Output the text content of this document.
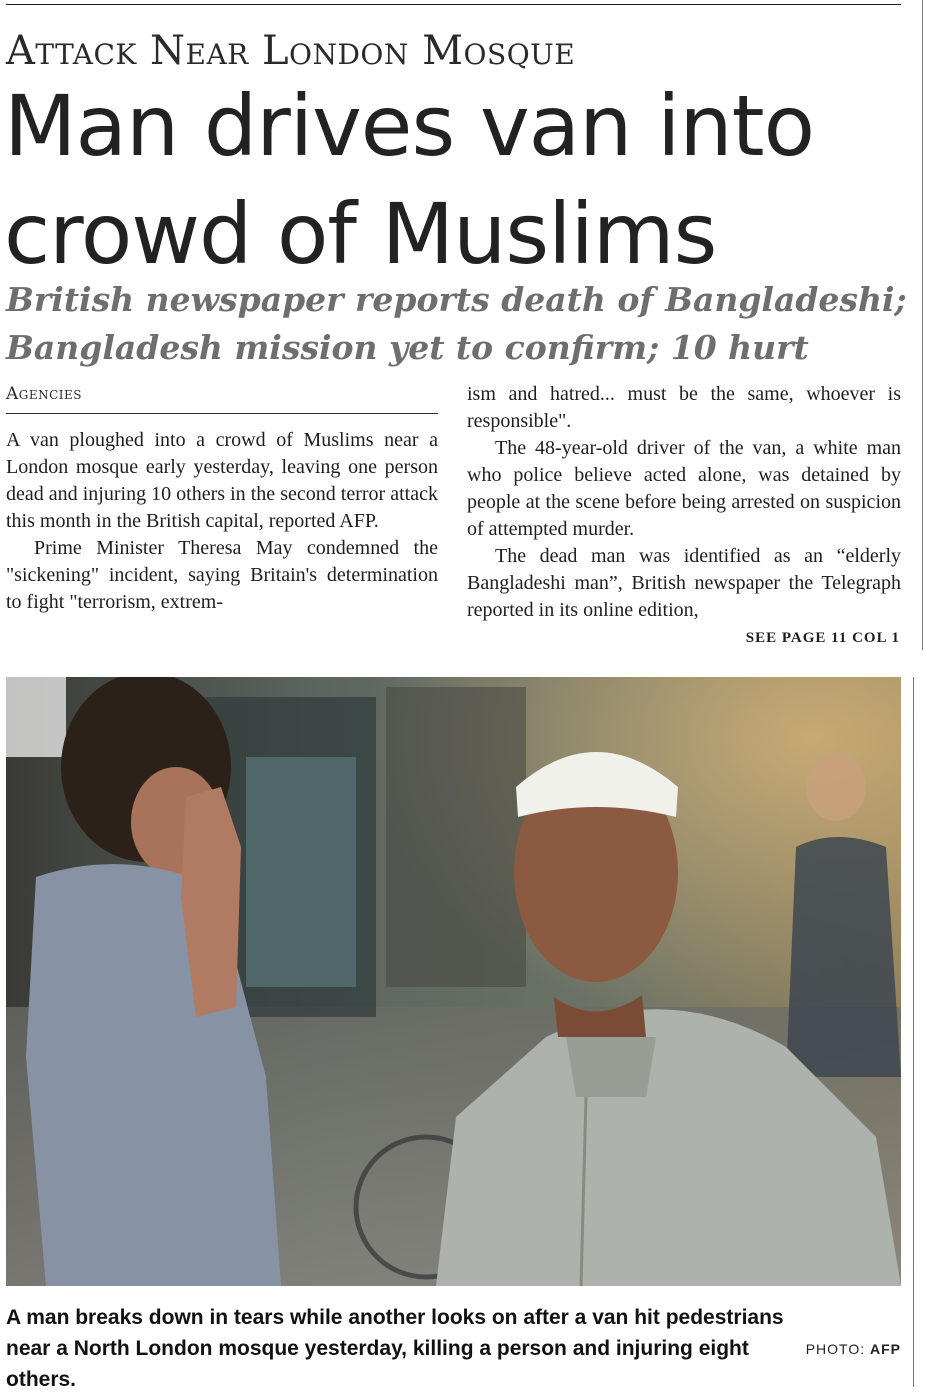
Attack Near London Mosque
Man drives van into crowd of Muslims
British newspaper reports death of Bangladeshi; Bangladesh mission yet to confirm; 10 hurt
Agencies

A van ploughed into a crowd of Muslims near a London mosque early yesterday, leaving one person dead and injuring 10 others in the second terror attack this month in the British capital, reported AFP.

Prime Minister Theresa May condemned the "sickening" incident, saying Britain's determination to fight "terrorism, extrem-

ism and hatred... must be the same, whoever is responsible".

The 48-year-old driver of the van, a white man who police believe acted alone, was detained by people at the scene before being arrested on suspicion of attempted murder.

The dead man was identified as an “elderly Bangladeshi man”, British newspaper the Telegraph reported in its online edition,

SEE PAGE 11 COL 1
A man breaks down in tears while another looks on after a van hit pedestrians near a North London mosque yesterday, killing a person and injuring eight others.
PHOTO: AFP
